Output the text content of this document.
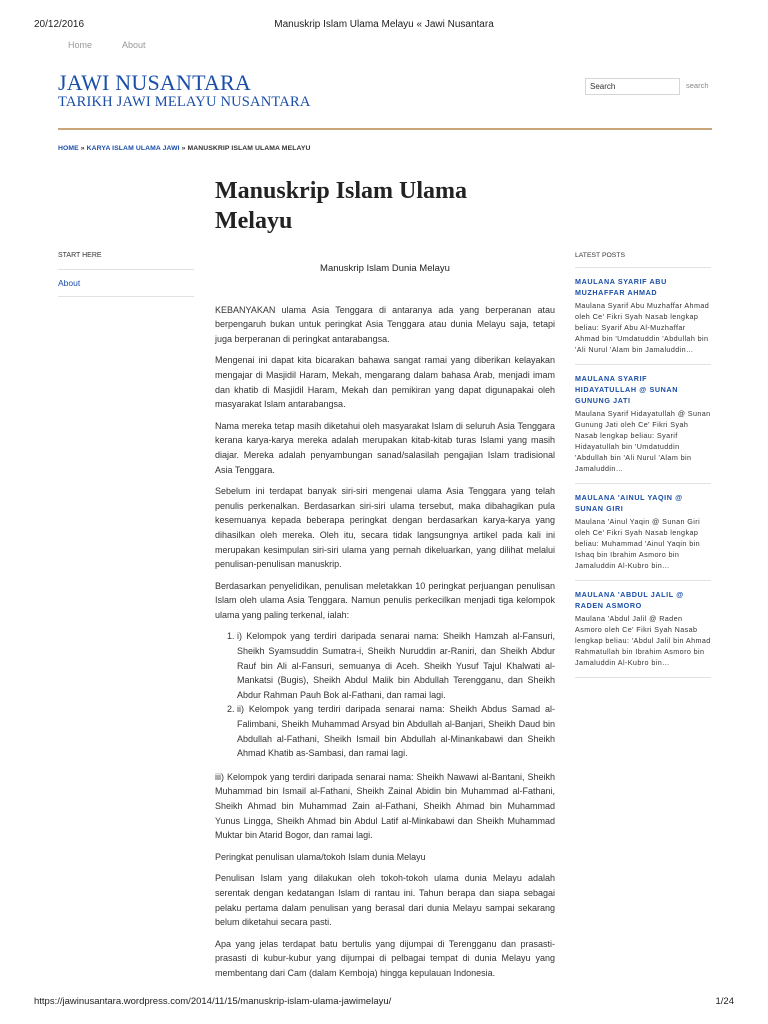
20/12/2016	Manuskrip Islam Ulama Melayu « Jawi Nusantara
Home	About
JAWI NUSANTARA
TARIKH JAWI MELAYU NUSANTARA
Search
search
HOME » KARYA ISLAM ULAMA JAWI » MANUSKRIP ISLAM ULAMA MELAYU
Manuskrip Islam Ulama Melayu
START HERE
About
Manuskrip Islam Dunia Melayu

KEBANYAKAN ulama Asia Tenggara di antaranya ada yang berperanan atau berpengaruh bukan untuk peringkat Asia Tenggara atau dunia Melayu saja, tetapi juga berperanan di peringkat antarabangsa.

Mengenai ini dapat kita bicarakan bahawa sangat ramai yang diberikan kelayakan mengajar di Masjidil Haram, Mekah, mengarang dalam bahasa Arab, menjadi imam dan khatib di Masjidil Haram, Mekah dan pemikiran yang dapat digunapakai oleh masyarakat Islam antarabangsa.

Nama mereka tetap masih diketahui oleh masyarakat Islam di seluruh Asia Tenggara kerana karya-karya mereka adalah merupakan kitab-kitab turas Islami yang masih diajar. Mereka adalah penyambungan sanad/salasilah pengajian Islam tradisional Asia Tenggara.

Sebelum ini terdapat banyak siri-siri mengenai ulama Asia Tenggara yang telah penulis perkenalkan. Berdasarkan siri-siri ulama tersebut, maka dibahagikan pula kesemuanya kepada beberapa peringkat dengan berdasarkan karya-karya yang dihasilkan oleh mereka. Oleh itu, secara tidak langsungnya artikel pada kali ini merupakan kesimpulan siri-siri ulama yang pernah dikeluarkan, yang dilihat melalui penulisan-penulisan manuskrip.

Berdasarkan penyelidikan, penulisan meletakkan 10 peringkat perjuangan penulisan Islam oleh ulama Asia Tenggara. Namun penulis perkecilkan menjadi tiga kelompok ulama yang paling terkenal, ialah:

1. i) Kelompok yang terdiri daripada senarai nama: Sheikh Hamzah al-Fansuri, Sheikh Syamsuddin Sumatra-i, Sheikh Nuruddin ar-Raniri, dan Sheikh Abdur Rauf bin Ali al-Fansuri, semuanya di Aceh. Sheikh Yusuf Tajul Khalwati al-Mankatsi (Bugis), Sheikh Abdul Malik bin Abdullah Terengganu, dan Sheikh Abdur Rahman Pauh Bok al-Fathani, dan ramai lagi.
2. ii) Kelompok yang terdiri daripada senarai nama: Sheikh Abdus Samad al-Falimbani, Sheikh Muhammad Arsyad bin Abdullah al-Banjari, Sheikh Daud bin Abdullah al-Fathani, Sheikh Ismail bin Abdullah al-Minankabawi dan Sheikh Ahmad Khatib as-Sambasi, dan ramai lagi.

iii) Kelompok yang terdiri daripada senarai nama: Sheikh Nawawi al-Bantani, Sheikh Muhammad bin Ismail al-Fathani, Sheikh Zainal Abidin bin Muhammad al-Fathani, Sheikh Ahmad bin Muhammad Zain al-Fathani, Sheikh Ahmad bin Muhammad Yunus Lingga, Sheikh Ahmad bin Abdul Latif al-Minkabawi dan Sheikh Muhammad Muktar bin Atarid Bogor, dan ramai lagi.

Peringkat penulisan ulama/tokoh Islam dunia Melayu

Penulisan Islam yang dilakukan oleh tokoh-tokoh ulama dunia Melayu adalah serentak dengan kedatangan Islam di rantau ini. Tahun berapa dan siapa sebagai pelaku pertama dalam penulisan yang berasal dari dunia Melayu sampai sekarang belum diketahui secara pasti.

Apa yang jelas terdapat batu bertulis yang dijumpai di Terengganu dan prasasti-prasasti di kubur-kubur yang dijumpai di pelbagai tempat di dunia Melayu yang membentang dari Cam (dalam Kemboja) hingga kepulauan Indonesia.

LATEST POSTS
MAULANA SYARIF ABU MUZHAFFAR AHMAD
Maulana Syarif Abu Muzhaffar Ahmad oleh Ce' Fikri Syah Nasab lengkap beliau: Syarif Abu Al-Muzhaffar Ahmad bin 'Umdatuddin 'Abdullah bin 'Ali Nurul 'Alam bin Jamaluddin…
MAULANA SYARIF HIDAYATULLAH @ SUNAN GUNUNG JATI
Maulana Syarif Hidayatullah @ Sunan Gunung Jati oleh Ce' Fikri Syah Nasab lengkap beliau: Syarif Hidayatullah bin 'Umdatuddin 'Abdullah bin 'Ali Nurul 'Alam bin Jamaluddin…
MAULANA 'AINUL YAQIN @ SUNAN GIRI
Maulana 'Ainul Yaqin @ Sunan Giri oleh Ce' Fikri Syah Nasab lengkap beliau: Muhammad 'Ainul Yaqin bin Ishaq bin Ibrahim Asmoro bin Jamaluddin Al-Kubro bin…
MAULANA 'ABDUL JALIL @ RADEN ASMORO
Maulana 'Abdul Jalil @ Raden Asmoro oleh Ce' Fikri Syah Nasab lengkap beliau: 'Abdul Jalil bin Ahmad Rahmatullah bin Ibrahim Asmoro bin Jamaluddin Al-Kubro bin…
https://jawinusantara.wordpress.com/2014/11/15/manuskrip-islam-ulama-jawimelayu/	1/24
